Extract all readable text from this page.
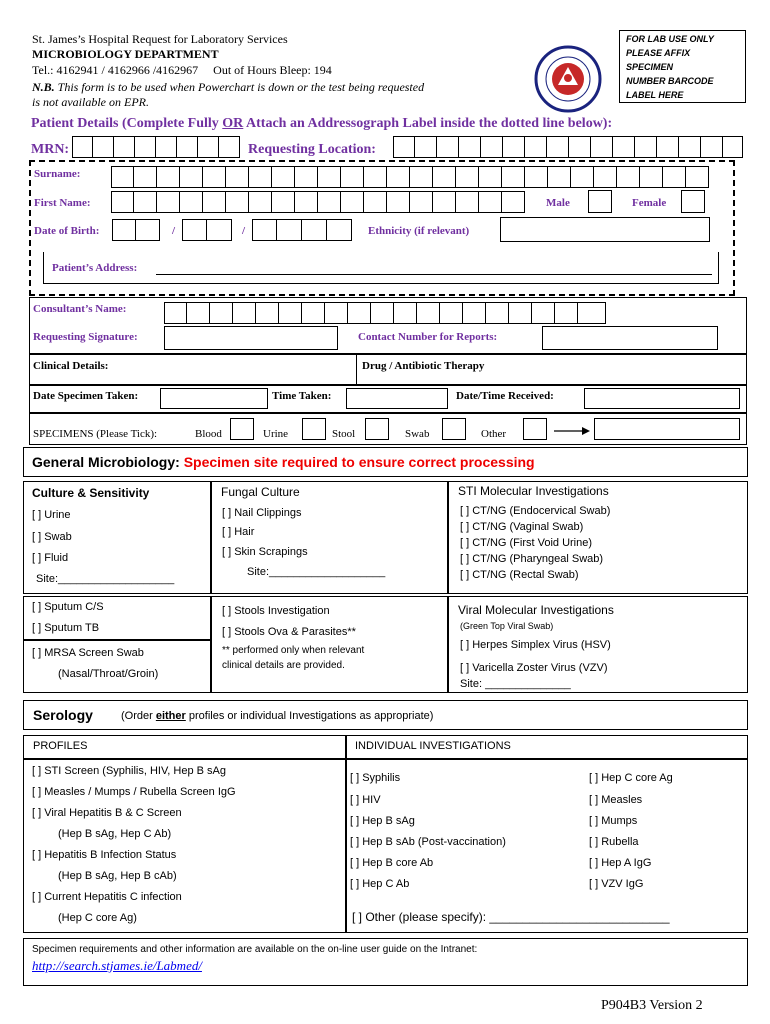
St. James’s Hospital Request for Laboratory Services
MICROBIOLOGY DEPARTMENT
Tel.: 4162941 / 4162966 /4162967     Out of Hours Bleep: 194
N.B. This form is to be used when Powerchart is down or the test being requested
is not available on EPR.
FOR LAB USE ONLY
PLEASE AFFIX
SPECIMEN
NUMBER BARCODE
LABEL HERE
Patient Details (Complete Fully OR Attach an Addressograph Label inside the dotted line below):
MRN:	Requesting Location:
Surname:
First Name:	Male	Female
Date of Birth:	/	/	Ethnicity (if relevant)
Patient’s Address:
Consultant’s Name:
Requesting Signature:	Contact Number for Reports:
Clinical Details:	Drug / Antibiotic Therapy
Date Specimen Taken:	Time Taken:	Date/Time Received:
SPECIMENS (Please Tick):	Blood	Urine	Stool	Swab	Other
General Microbiology: Specimen site required to ensure correct processing
Culture & Sensitivity
[ ] Urine
[ ] Swab
[ ] Fluid
Site:___________________
Fungal Culture
[ ] Nail Clippings
[ ] Hair
[ ] Skin Scrapings
Site:___________________
STI Molecular Investigations
[ ] CT/NG (Endocervical Swab)
[ ] CT/NG (Vaginal Swab)
[ ] CT/NG (First Void Urine)
[ ] CT/NG (Pharyngeal Swab)
[ ] CT/NG (Rectal Swab)
[ ] Sputum C/S
[ ] Sputum TB
[ ] MRSA Screen Swab
(Nasal/Throat/Groin)
[ ] Stools Investigation
[ ] Stools Ova & Parasites**
** performed only when relevant
clinical details are provided.
Viral Molecular Investigations
(Green Top Viral Swab)
[ ] Herpes Simplex Virus (HSV)
[ ] Varicella Zoster Virus (VZV)
Site: ______________
Serology	(Order either profiles or individual Investigations as appropriate)
PROFILES	INDIVIDUAL INVESTIGATIONS
[ ] STI Screen (Syphilis, HIV, Hep B sAg
[ ] Measles / Mumps / Rubella Screen IgG
[ ] Viral Hepatitis B & C Screen
(Hep B sAg, Hep C Ab)
[ ] Hepatitis B Infection Status
(Hep B sAg, Hep B cAb)
[ ] Current Hepatitis C infection
(Hep C core Ag)
[ ] Syphilis
[ ] HIV
[ ] Hep B sAg
[ ] Hep B sAb (Post-vaccination)
[ ] Hep B core Ab
[ ] Hep C Ab
[ ] Hep C core Ag
[ ] Measles
[ ] Mumps
[ ] Rubella
[ ] Hep A IgG
[ ] VZV IgG
[ ] Other (please specify): ___________________________
Specimen requirements and other information are available on the on-line user guide on the Intranet:
http://search.stjames.ie/Labmed/
P904B3 Version 2
